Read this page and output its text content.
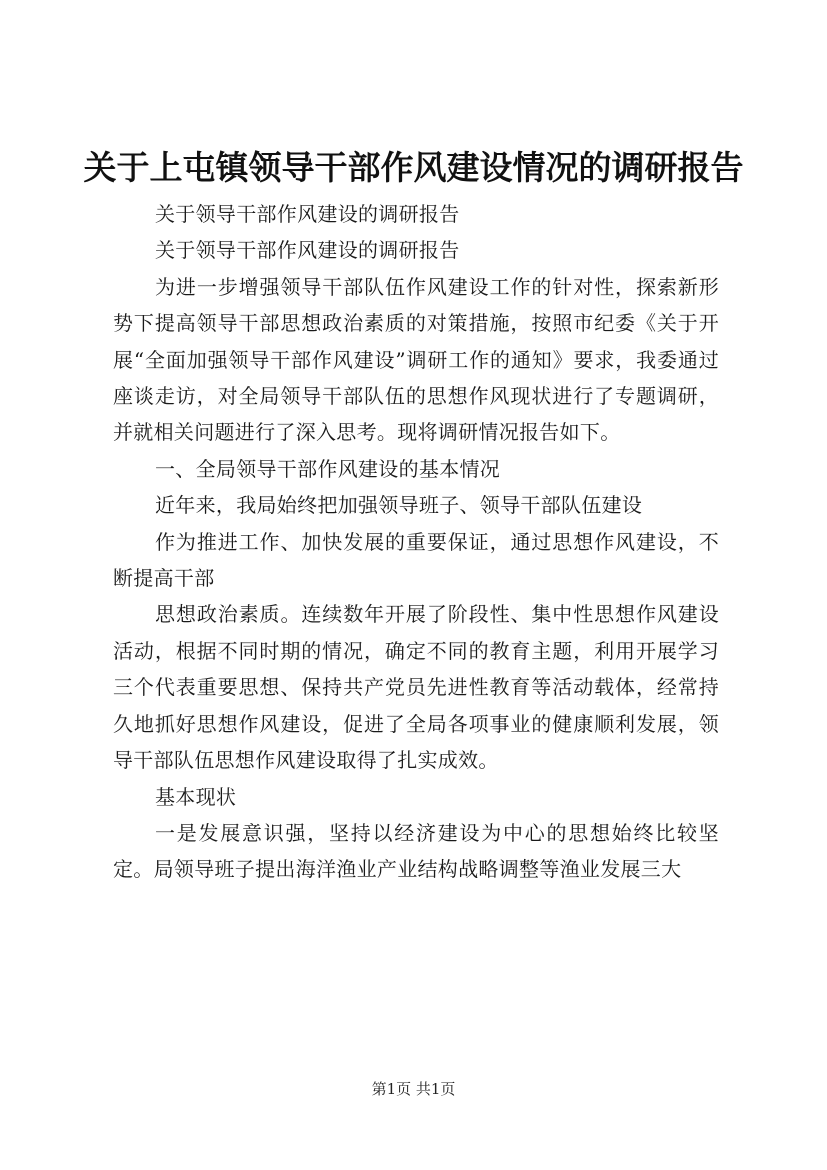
关于上屯镇领导干部作风建设情况的调研报告

关于领导干部作风建设的调研报告

关于领导干部作风建设的调研报告

为进一步增强领导干部队伍作风建设工作的针对性，探索新形势下提高领导干部思想政治素质的对策措施，按照市纪委《关于开展“全面加强领导干部作风建设”调研工作的通知》要求，我委通过座谈走访，对全局领导干部队伍的思想作风现状进行了专题调研，并就相关问题进行了深入思考。现将调研情况报告如下。

一、全局领导干部作风建设的基本情况

近年来，我局始终把加强领导班子、领导干部队伍建设

作为推进工作、加快发展的重要保证，通过思想作风建设，不断提高干部

思想政治素质。连续数年开展了阶段性、集中性思想作风建设活动，根据不同时期的情况，确定不同的教育主题，利用开展学习三个代表重要思想、保持共产党员先进性教育等活动载体，经常持久地抓好思想作风建设，促进了全局各项事业的健康顺利发展，领导干部队伍思想作风建设取得了扎实成效。

基本现状

一是发展意识强，坚持以经济建设为中心的思想始终比较坚定。局领导班子提出海洋渔业产业结构战略调整等渔业发展三大

第1页 共1页
